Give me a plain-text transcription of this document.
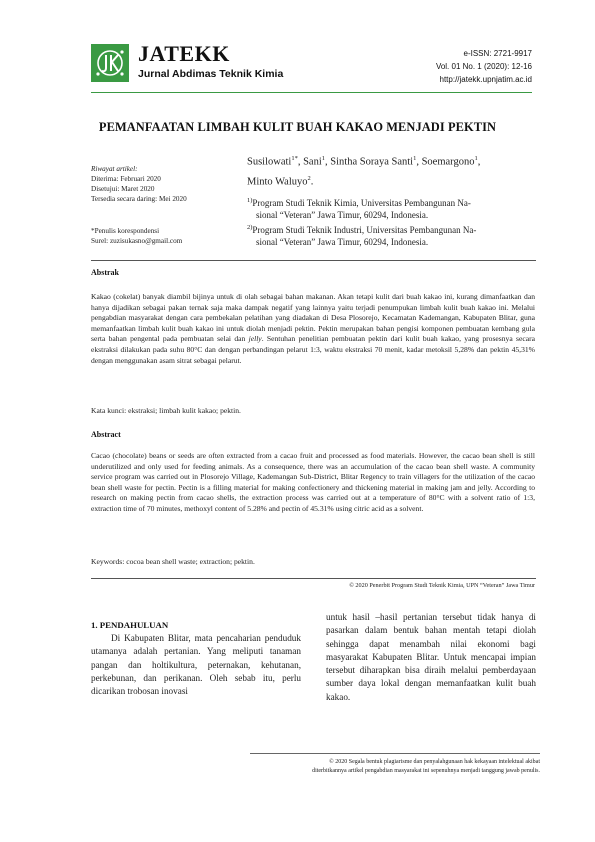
JATEKK
Jurnal Abdimas Teknik Kimia
e-ISSN: 2721-9917
Vol. 01 No. 1 (2020): 12-16
http://jatekk.upnjatim.ac.id
PEMANFAATAN LIMBAH KULIT BUAH KAKAO MENJADI PEKTIN
Riwayat artikel:
Diterima: Februari 2020
Disetujui: Maret 2020
Tersedia secara daring: Mei 2020
*Penulis korespondensi
Surel: zuzisukasno@gmail.com
Susilowati$^{1*}$, Sani$^1$, Sintha Soraya Santi$^1$, Soemargono$^1$,
Minto Waluyo$^2$.
$^{1)}$Program Studi Teknik Kimia, Universitas Pembangunan Na-
sional “Veteran” Jawa Timur, 60294, Indonesia.
$^{2)}$Program Studi Teknik Industri, Universitas Pembangunan Na-
sional “Veteran” Jawa Timur, 60294, Indonesia.
Abstrak
Kakao (cokelat) banyak diambil bijinya untuk di olah sebagai bahan makanan. Akan tetapi kulit dari buah kakao ini, kurang dimanfaatkan dan hanya dijadikan sebagai pakan ternak saja maka dampak negatif yang lainnya yaitu terjadi penumpukan limbah kulit buah kakao ini. Melalui pengabdian masyarakat dengan cara pembekalan pelatihan yang diadakan di Desa Plosorejo, Kecamatan Kademangan, Kabupaten Blitar, guna memanfaatkan limbah kulit buah kakao ini untuk diolah menjadi pektin. Pektin merupakan bahan pengisi komponen pembuatan kembang gula serta bahan pengental pada pembuatan selai dan jelly. Sentuhan penelitian pembuatan pektin dari kulit buah kakao, yang prosesnya secara ekstraksi dilakukan pada suhu 80°C dan dengan perbandingan pelarut 1:3, waktu ekstraksi 70 menit, kadar metoksil 5,28% dan pektin 45,31% dengan menggunakan asam sitrat sebagai pelarut.
Kata kunci: ekstraksi; limbah kulit kakao; pektin.
Abstract
Cacao (chocolate) beans or seeds are often extracted from a cacao fruit and processed as food materials. However, the cacao bean shell is still underutilized and only used for feeding animals. As a consequence, there was an accumulation of the cacao bean shell waste. A community service program was carried out in Plosorejo Village, Kademangan Sub-District, Blitar Regency to train villagers for the utilization of the cacao bean shell waste for pectin. Pectin is a filling material for making confectionery and thickening material in making jam and jelly. According to research on making pectin from cacao shells, the extraction process was carried out at a temperature of 80°C with a solvent ratio of 1:3, extraction time of 70 minutes, methoxyl content of 5.28% and pectin of 45.31% using citric acid as a solvent.
Keywords: cocoa bean shell waste; extraction; pektin.
© 2020 Penerbit Program Studi Teknik Kimia, UPN “Veteran” Jawa Timur
1. PENDAHULUAN
Di Kabupaten Blitar, mata pencaharian penduduk utamanya adalah pertanian. Yang meliputi tanaman pangan dan holtikultura, peternakan, kehutanan, perkebunan, dan perikanan. Oleh sebab itu, perlu dicarikan trobosan inovasi
untuk hasil –hasil pertanian tersebut tidak hanya di pasarkan dalam bentuk bahan mentah tetapi diolah sehingga dapat menambah nilai ekonomi bagi masyarakat Kabupaten Blitar. Untuk mencapai impian tersebut diharapkan bisa diraih melalui pemberdayaan sumber daya lokal dengan memanfaatkan kulit buah kakao.
© 2020 Segala bentuk plagiarisme dan penyalahgunaan hak kekayaan intelektual akibat
diterbitkannya artikel pengabdian masyarakat ini sepenuhnya menjadi tanggung jawab penulis.
